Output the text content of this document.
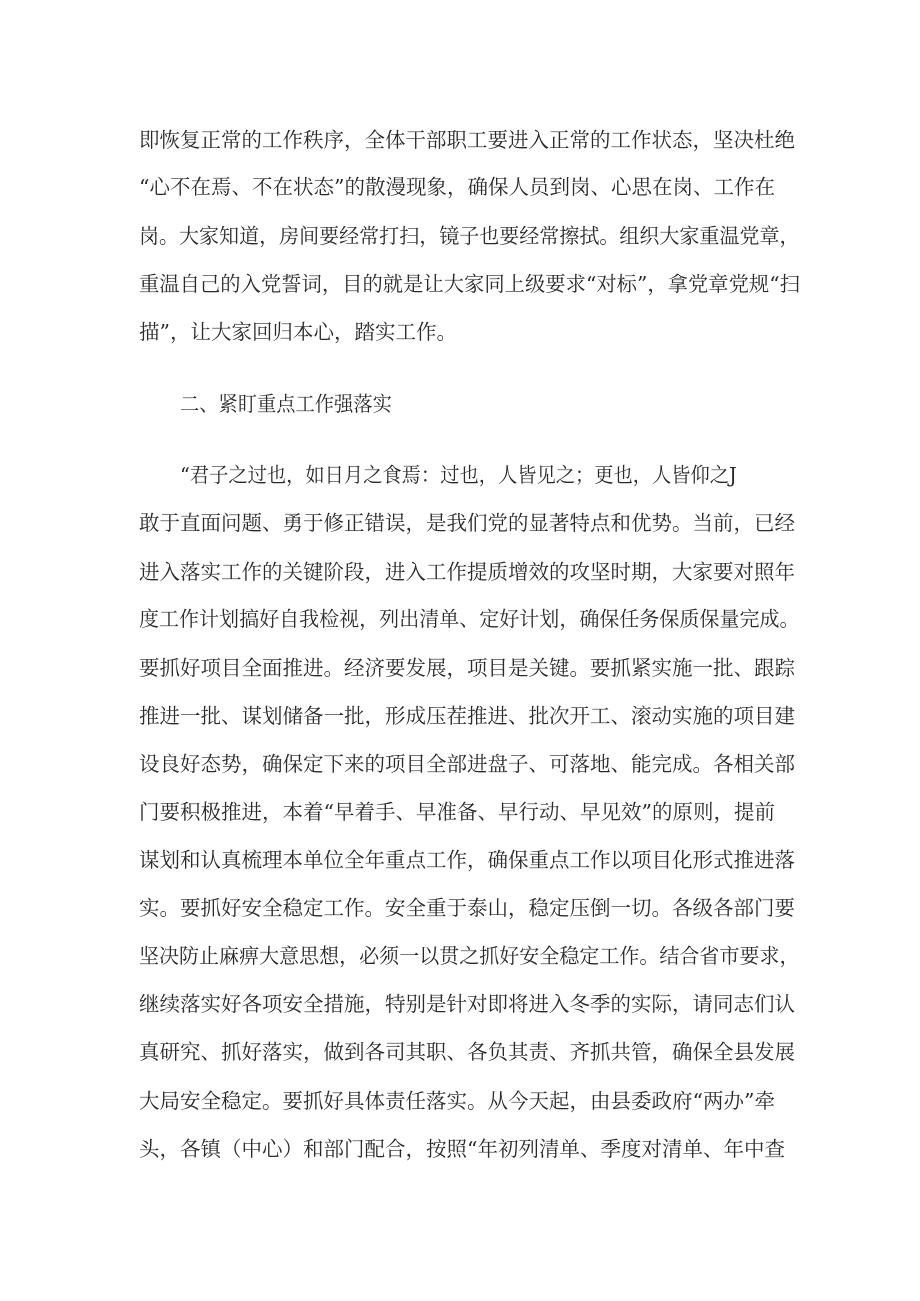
即恢复正常的工作秩序，全体干部职工要进入正常的工作状态，坚决杜绝
“心不在焉、不在状态”的散漫现象，确保人员到岗、心思在岗、工作在
岗。大家知道，房间要经常打扫，镜子也要经常擦拭。组织大家重温党章，
重温自己的入党誓词，目的就是让大家同上级要求“对标”，拿党章党规“扫
描”，让大家回归本心，踏实工作。
二、紧盯重点工作强落实
“君子之过也，如日月之食焉：过也，人皆见之；更也，人皆仰之J
敢于直面问题、勇于修正错误，是我们党的显著特点和优势。当前，已经
进入落实工作的关键阶段，进入工作提质增效的攻坚时期，大家要对照年
度工作计划搞好自我检视，列出清单、定好计划，确保任务保质保量完成。
要抓好项目全面推进。经济要发展，项目是关键。要抓紧实施一批、跟踪
推进一批、谋划储备一批，形成压茬推进、批次开工、滚动实施的项目建
设良好态势，确保定下来的项目全部进盘子、可落地、能完成。各相关部
门要积极推进，本着“早着手、早准备、早行动、早见效”的原则，提前
谋划和认真梳理本单位全年重点工作，确保重点工作以项目化形式推进落
实。要抓好安全稳定工作。安全重于泰山，稳定压倒一切。各级各部门要
坚决防止麻痹大意思想，必须一以贯之抓好安全稳定工作。结合省市要求，
继续落实好各项安全措施，特别是针对即将进入冬季的实际，请同志们认
真研究、抓好落实，做到各司其职、各负其责、齐抓共管，确保全县发展
大局安全稳定。要抓好具体责任落实。从今天起，由县委政府“两办”牵
头，各镇（中心）和部门配合，按照“年初列清单、季度对清单、年中查
